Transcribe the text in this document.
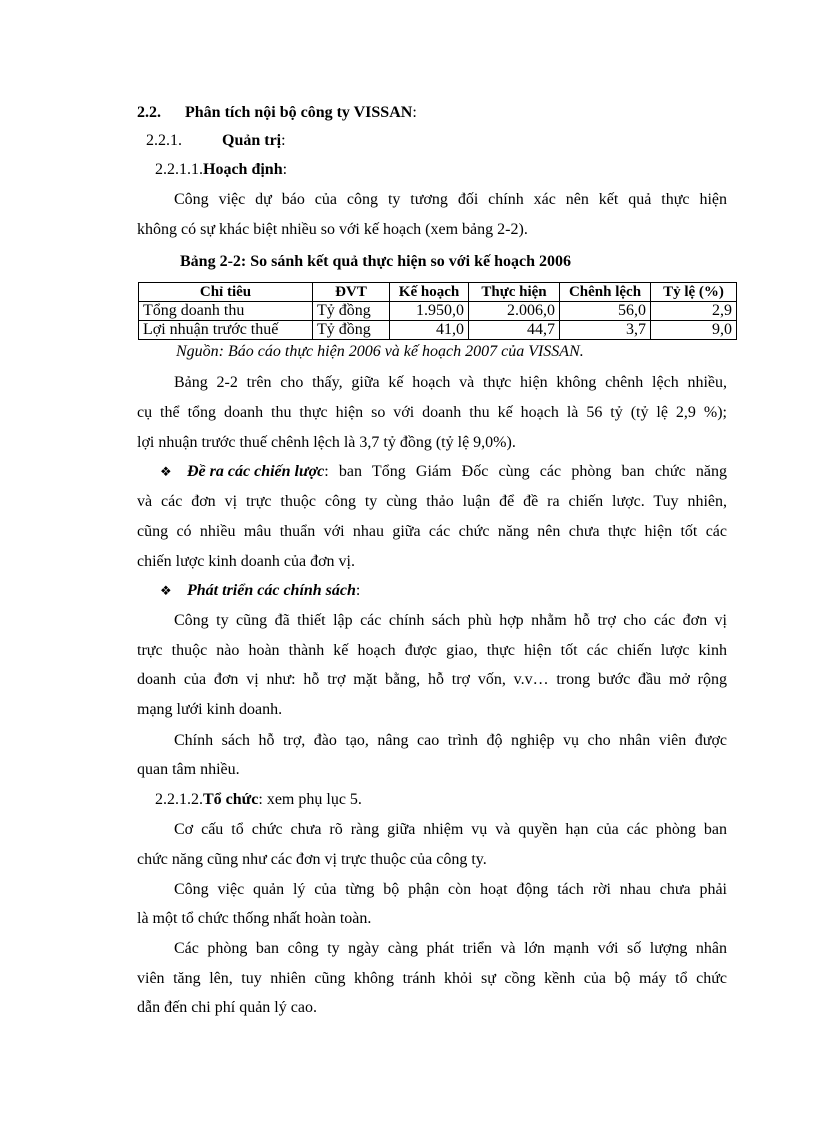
2.2. Phân tích nội bộ công ty VISSAN:
2.2.1.	Quản trị:
2.2.1.1.Hoạch định:
Công việc dự báo của công ty tương đối chính xác nên kết quả thực hiện
không có sự khác biệt nhiều so với kế hoạch (xem bảng 2-2).
Bảng 2-2: So sánh kết quả thực hiện so với kế hoạch 2006
Chỉ tiêu	ĐVT	Kế hoạch	Thực hiện	Chênh lệch	Tỷ lệ (%)
Tổng doanh thu	Tỷ đồng	1.950,0	2.006,0	56,0	2,9
Lợi nhuận trước thuế	Tỷ đồng	41,0	44,7	3,7	9,0
Nguồn: Báo cáo thực hiện 2006 và kế hoạch 2007 của VISSAN.
Bảng 2-2 trên cho thấy, giữa kế hoạch và thực hiện không chênh lệch nhiều,
cụ thể tổng doanh thu thực hiện so với doanh thu kế hoạch là 56 tỷ (tỷ lệ 2,9 %);
lợi nhuận trước thuế chênh lệch là 3,7 tỷ đồng (tỷ lệ 9,0%).
❖ Đề ra các chiến lược : ban Tổng Giám Đốc cùng các phòng ban chức năng
và các đơn vị trực thuộc công ty cùng thảo luận để đề ra chiến lược. Tuy nhiên,
cũng có nhiều mâu thuẩn với nhau giữa các chức năng nên chưa thực hiện tốt các
chiến lược kinh doanh của đơn vị.
❖ Phát triển các chính sách:
Công ty cũng đã thiết lập các chính sách phù hợp nhằm hỗ trợ cho các đơn vị
trực thuộc nào hoàn thành kế hoạch được giao, thực hiện tốt các chiến lược kinh
doanh của đơn vị như: hỗ trợ mặt bằng, hỗ trợ vốn, v.v… trong bước đầu mở rộng
mạng lưới kinh doanh.
Chính sách hỗ trợ, đào tạo, nâng cao trình độ nghiệp vụ cho nhân viên được
quan tâm nhiều.
2.2.1.2.Tổ chức: xem phụ lục 5.
Cơ cấu tổ chức chưa rõ ràng giữa nhiệm vụ và quyền hạn của các phòng ban
chức năng cũng như các đơn vị trực thuộc của công ty.
Công việc quản lý của từng bộ phận còn hoạt động tách rời nhau chưa phải
là một tổ chức thống nhất hoàn toàn.
Các phòng ban công ty ngày càng phát triển và lớn mạnh với số lượng nhân
viên tăng lên, tuy nhiên cũng không tránh khỏi sự cồng kềnh của bộ máy tổ chức
dẫn đến chi phí quản lý cao.
